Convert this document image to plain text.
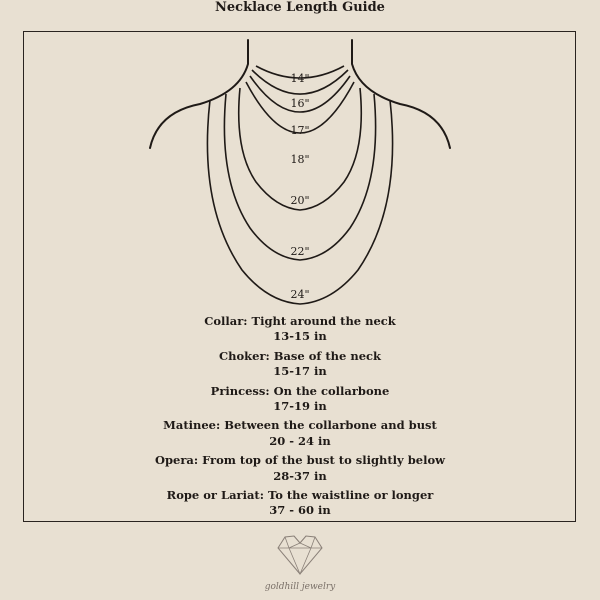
Necklace Length Guide
14"
16"
17"
18"
20"
22"
24"
Collar: Tight around the neck
13-15 in
Choker: Base of the neck
15-17 in
Princess: On the collarbone
17-19 in
Matinee: Between the collarbone and bust
20 - 24 in
Opera: From top of the bust to slightly below
28-37 in
Rope or Lariat: To the waistline or longer
37 - 60 in
goldhill jewelry
